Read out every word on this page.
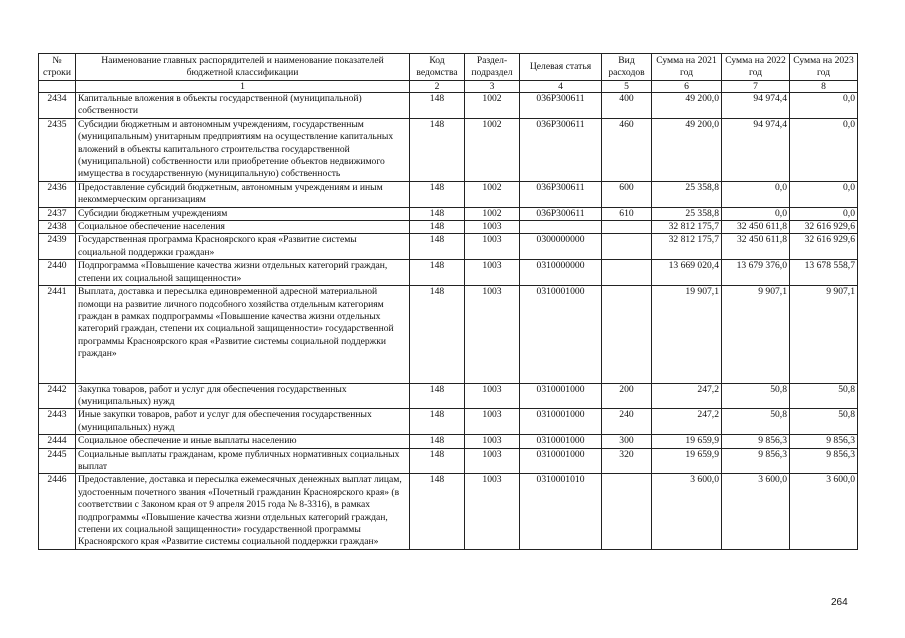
№
строки	Наименование главных распорядителей и наименование показателей бюджетной классификации	Код ведомства	Раздел-подраздел	Целевая статья	Вид расходов	Сумма на 2021 год	Сумма на 2022 год	Сумма на 2023 год
	1	2	3	4	5	6	7	8
2434	Капитальные вложения в объекты государственной (муниципальной) собственности	148	1002	036P300611	400	49 200,0	94 974,4	0,0
2435	Субсидии бюджетным и автономным учреждениям, государственным (муниципальным) унитарным предприятиям на осуществление капитальных вложений в объекты капитального строительства государственной (муниципальной) собственности или приобретение объектов недвижимого имущества в государственную (муниципальную) собственность	148	1002	036P300611	460	49 200,0	94 974,4	0,0
2436	Предоставление субсидий бюджетным, автономным учреждениям и иным некоммерческим организациям	148	1002	036P300611	600	25 358,8	0,0	0,0
2437	Субсидии бюджетным учреждениям	148	1002	036P300611	610	25 358,8	0,0	0,0
2438	Социальное обеспечение населения	148	1003			32 812 175,7	32 450 611,8	32 616 929,6
2439	Государственная программа Красноярского края «Развитие системы социальной поддержки граждан»	148	1003	0300000000		32 812 175,7	32 450 611,8	32 616 929,6
2440	Подпрограмма «Повышение качества жизни отдельных категорий граждан, степени их социальной защищенности»	148	1003	0310000000		13 669 020,4	13 679 376,0	13 678 558,7
2441	Выплата, доставка и пересылка единовременной адресной материальной помощи на развитие личного подсобного хозяйства отдельным категориям граждан в рамках подпрограммы «Повышение качества жизни отдельных категорий граждан, степени их социальной защищенности» государственной программы Красноярского края «Развитие системы социальной поддержки граждан»	148	1003	0310001000		19 907,1	9 907,1	9 907,1
2442	Закупка товаров, работ и услуг для обеспечения государственных (муниципальных) нужд	148	1003	0310001000	200	247,2	50,8	50,8
2443	Иные закупки товаров, работ и услуг для обеспечения государственных (муниципальных) нужд	148	1003	0310001000	240	247,2	50,8	50,8
2444	Социальное обеспечение и иные выплаты населению	148	1003	0310001000	300	19 659,9	9 856,3	9 856,3
2445	Социальные выплаты гражданам, кроме публичных нормативных социальных выплат	148	1003	0310001000	320	19 659,9	9 856,3	9 856,3
2446	Предоставление, доставка и пересылка ежемесячных денежных выплат лицам, удостоенным почетного звания «Почетный гражданин Красноярского края» (в соответствии с Законом края от 9 апреля 2015 года № 8-3316), в рамках подпрограммы «Повышение качества жизни отдельных категорий граждан, степени их социальной защищенности» государственной программы Красноярского края «Развитие системы социальной поддержки граждан»	148	1003	0310001010		3 600,0	3 600,0	3 600,0
264
